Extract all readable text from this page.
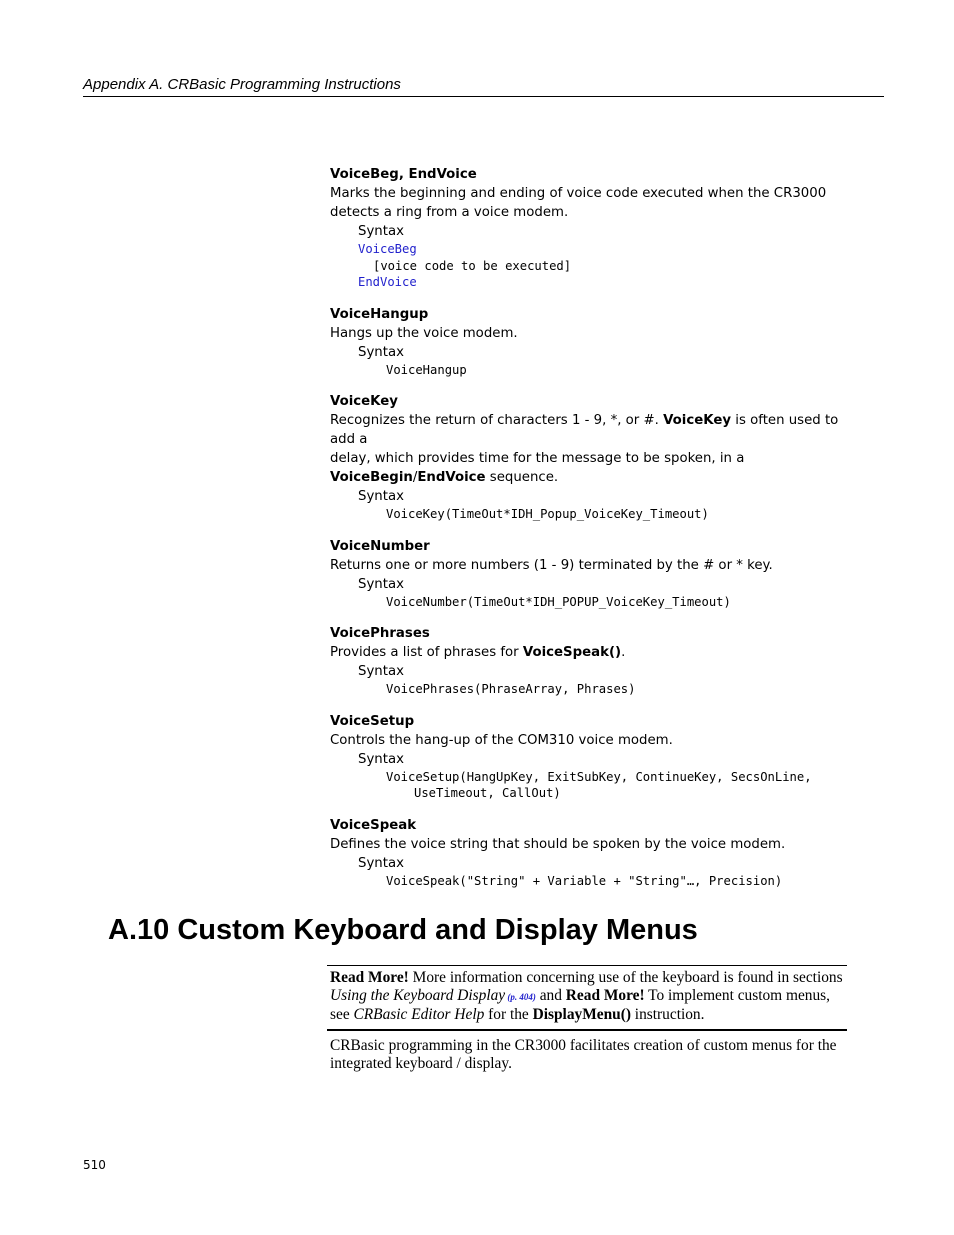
Appendix A. CRBasic Programming Instructions
VoiceBeg, EndVoice
Marks the beginning and ending of voice code executed when the CR3000
detects a ring from a voice modem.
Syntax
VoiceBeg
[voice code to be executed]
EndVoice
VoiceHangup
Hangs up the voice modem.
Syntax
VoiceHangup
VoiceKey
Recognizes the return of characters 1 - 9, *, or #. VoiceKey is often used to add a
delay, which provides time for the message to be spoken, in a
VoiceBegin/EndVoice sequence.
Syntax
VoiceKey(TimeOut*IDH_Popup_VoiceKey_Timeout)
VoiceNumber
Returns one or more numbers (1 - 9) terminated by the # or * key.
Syntax
VoiceNumber(TimeOut*IDH_POPUP_VoiceKey_Timeout)
VoicePhrases
Provides a list of phrases for VoiceSpeak().
Syntax
VoicePhrases(PhraseArray, Phrases)
VoiceSetup
Controls the hang-up of the COM310 voice modem.
Syntax
VoiceSetup(HangUpKey, ExitSubKey, ContinueKey, SecsOnLine,
UseTimeout, CallOut)
VoiceSpeak
Defines the voice string that should be spoken by the voice modem.
Syntax
VoiceSpeak("String" + Variable + "String"…, Precision)
A.10 Custom Keyboard and Display Menus
Read More! More information concerning use of the keyboard is found in sections Using the Keyboard Display (p. 404) and Read More! To implement custom menus, see CRBasic Editor Help for the DisplayMenu() instruction.
CRBasic programming in the CR3000 facilitates creation of custom menus for the integrated keyboard / display.
510
